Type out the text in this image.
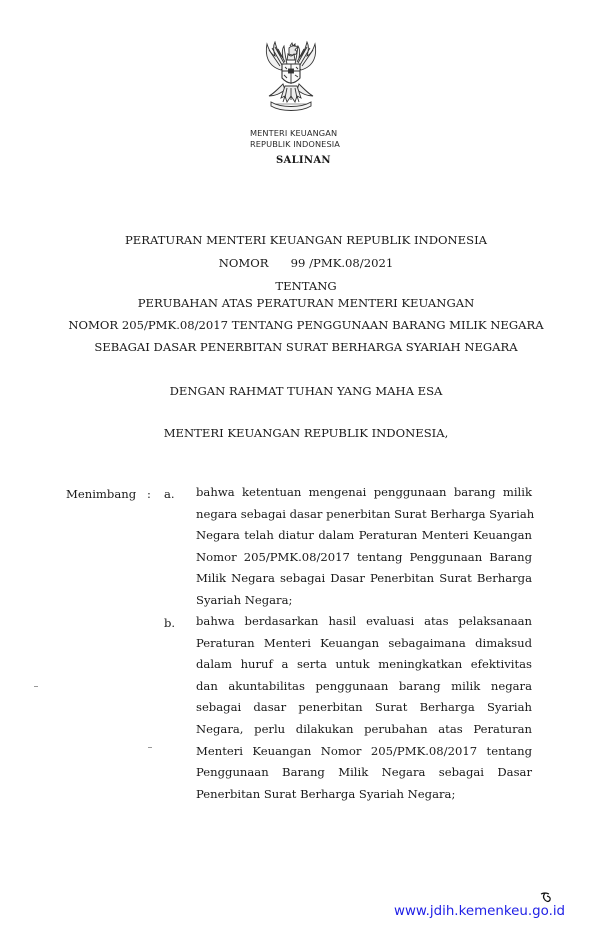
MENTERI KEUANGAN
REPUBLIK INDONESIA
SALINAN
PERATURAN MENTERI KEUANGAN REPUBLIK INDONESIA
NOMOR 99 /PMK.08/2021
TENTANG
PERUBAHAN ATAS PERATURAN MENTERI KEUANGAN
NOMOR 205/PMK.08/2017 TENTANG PENGGUNAAN BARANG MILIK NEGARA
SEBAGAI DASAR PENERBITAN SURAT BERHARGA SYARIAH NEGARA
DENGAN RAHMAT TUHAN YANG MAHA ESA
MENTERI KEUANGAN REPUBLIK INDONESIA,
Menimbang : a. bahwa ketentuan mengenai penggunaan barang milik
negara sebagai dasar penerbitan Surat Berharga Syariah
Negara telah diatur dalam Peraturan Menteri Keuangan
Nomor 205/PMK.08/2017 tentang Penggunaan Barang
Milik Negara sebagai Dasar Penerbitan Surat Berharga
Syariah Negara;
b. bahwa berdasarkan hasil evaluasi atas pelaksanaan
Peraturan Menteri Keuangan sebagaimana dimaksud
dalam huruf a serta untuk meningkatkan efektivitas
dan akuntabilitas penggunaan barang milik negara
sebagai dasar penerbitan Surat Berharga Syariah
Negara, perlu dilakukan perubahan atas Peraturan
Menteri Keuangan Nomor 205/PMK.08/2017 tentang
Penggunaan Barang Milik Negara sebagai Dasar
Penerbitan Surat Berharga Syariah Negara;
www.jdih.kemenkeu.go.id
